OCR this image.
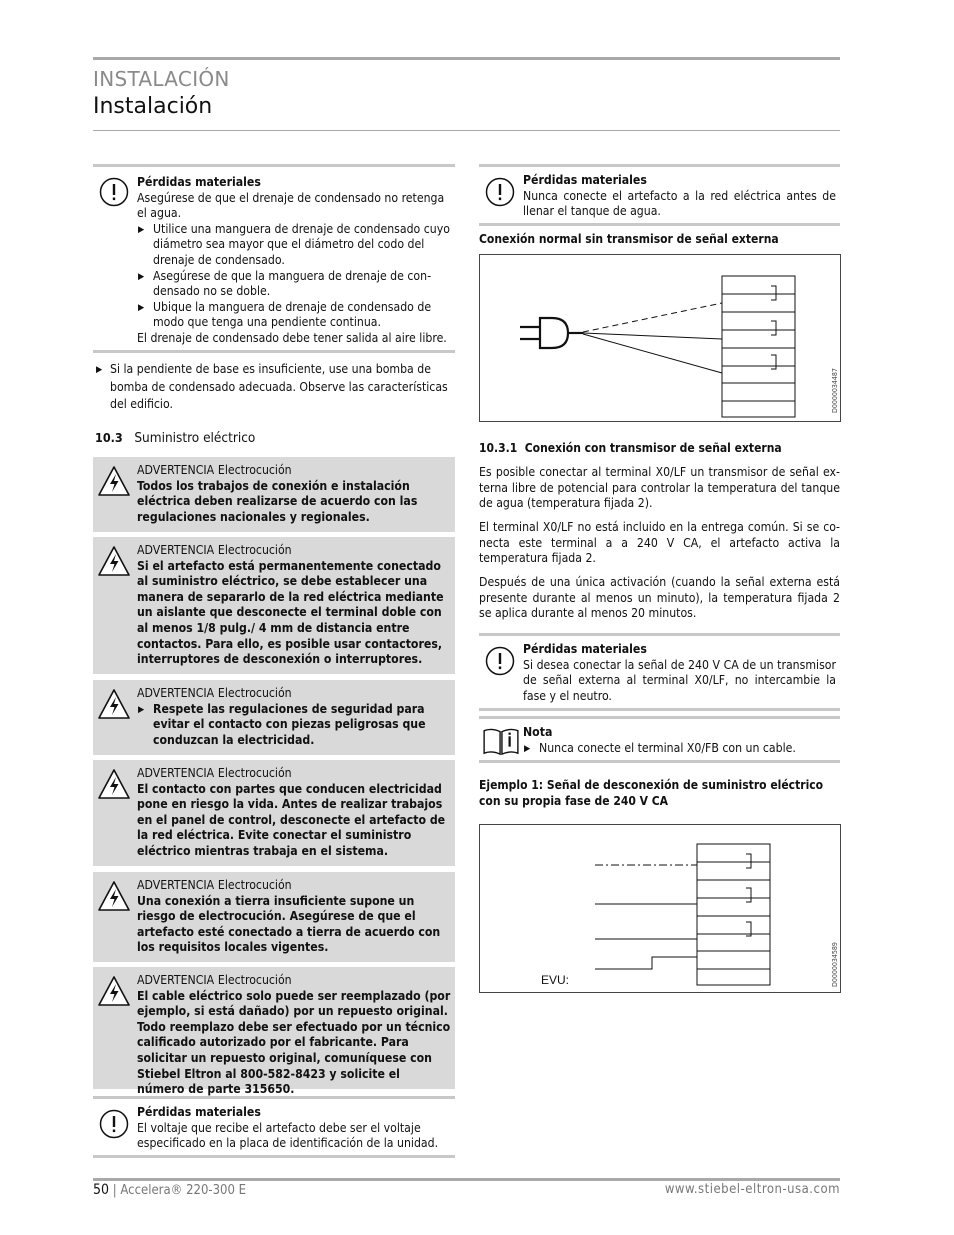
INSTALACIÓN
Instalación
Pérdidas materiales
Asegúrese de que el drenaje de condensado no retenga el agua.
▶ Utilice una manguera de drenaje de condensado cuyo diámetro sea mayor que el diámetro del codo del drenaje de condensado.
▶ Asegúrese de que la manguera de drenaje de condensado no se doble.
▶ Ubique la manguera de drenaje de condensado de modo que tenga una pendiente continua.
El drenaje de condensado debe tener salida al aire libre.
▶ Si la pendiente de base es insuficiente, use una bomba de bomba de condensado adecuada. Observe las características del edificio.
10.3 Suministro eléctrico
ADVERTENCIA Electrocución
Todos los trabajos de conexión e instalación eléctrica deben realizarse de acuerdo con las regulaciones nacionales y regionales.
ADVERTENCIA Electrocución
Si el artefacto está permanentemente conectado al suministro eléctrico, se debe establecer una manera de separarlo de la red eléctrica mediante un aislante que desconecte el terminal doble con al menos 1/8 pulg./ 4 mm de distancia entre contactos. Para ello, es posible usar contactores, interruptores de desconexión o interruptores.
ADVERTENCIA Electrocución
▶ Respete las regulaciones de seguridad para evitar el contacto con piezas peligrosas que conduzcan la electricidad.
ADVERTENCIA Electrocución
El contacto con partes que conducen electricidad pone en riesgo la vida. Antes de realizar trabajos en el panel de control, desconecte el artefacto de la red eléctrica. Evite conectar el suministro eléctrico mientras trabaja en el sistema.
ADVERTENCIA Electrocución
Una conexión a tierra insuficiente supone un riesgo de electrocución. Asegúrese de que el artefacto esté conectado a tierra de acuerdo con los requisitos locales vigentes.
ADVERTENCIA Electrocución
El cable eléctrico solo puede ser reemplazado (por ejemplo, si está dañado) por un repuesto original. Todo reemplazo debe ser efectuado por un técnico calificado autorizado por el fabricante. Para solicitar un repuesto original, comuníquese con Stiebel Eltron al 800-582-8423 y solicite el número de parte 315650.
Pérdidas materiales
El voltaje que recibe el artefacto debe ser el voltaje especificado en la placa de identificación de la unidad.
Pérdidas materiales
Nunca conecte el artefacto a la red eléctrica antes de llenar el tanque de agua.
Conexión normal sin transmisor de señal externa
D0000034487
10.3.1  Conexión con transmisor de señal externa
Es posible conectar al terminal X0/LF un transmisor de señal externa libre de potencial para controlar la temperatura del tanque de agua (temperatura fijada 2).
El terminal X0/LF no está incluido en la entrega común. Si se conecta este terminal a a 240 V CA, el artefacto activa la temperatura fijada 2.
Después de una única activación (cuando la señal externa está presente durante al menos un minuto), la temperatura fijada 2 se aplica durante al menos 20 minutos.
Pérdidas materiales
Si desea conectar la señal de 240 V CA de un transmisor de señal externa al terminal X0/LF, no intercambie la fase y el neutro.
Nota
▶ Nunca conecte el terminal X0/FB con un cable.
Ejemplo 1: Señal de desconexión de suministro eléctrico con su propia fase de 240 V CA
EVU:	D0000034589
50 | Accelera® 220-300 E	www.stiebel-eltron-usa.com
